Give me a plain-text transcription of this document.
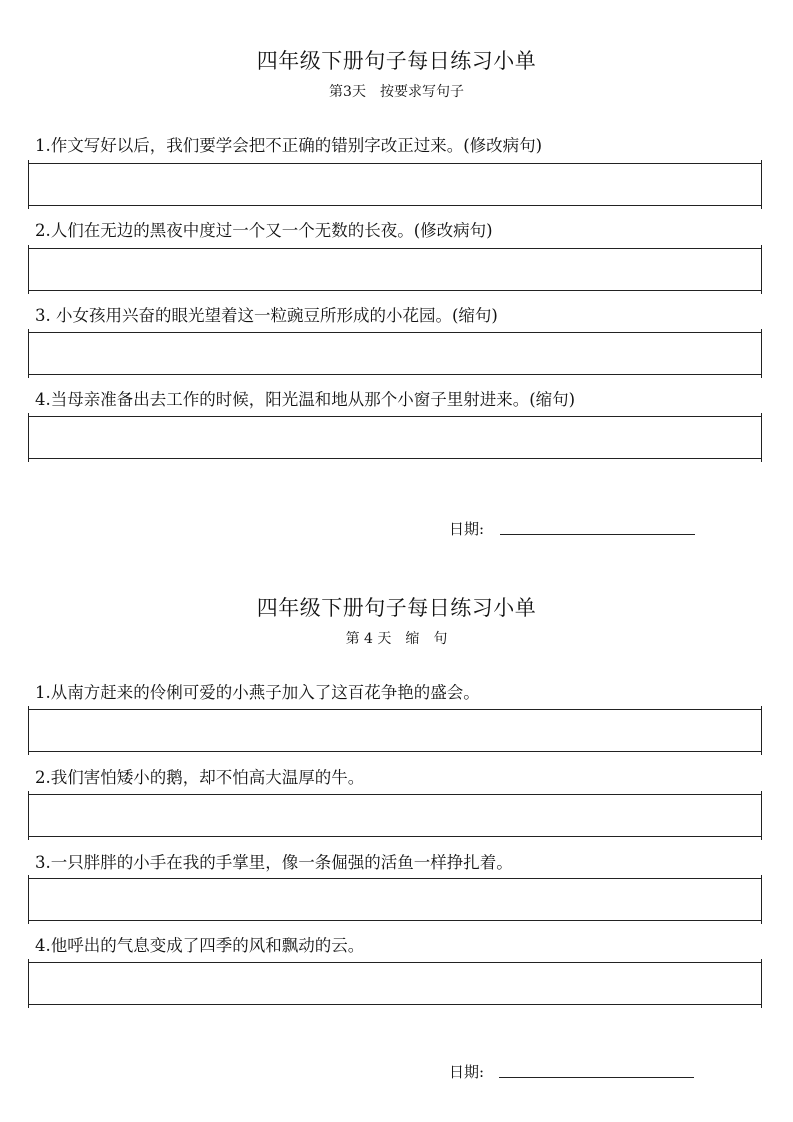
四年级下册句子每日练习小单

第3天　按要求写句子

1.作文写好以后，我们要学会把不正确的错别字改正过来。(修改病句)

2.人们在无边的黑夜中度过一个又一个无数的长夜。(修改病句)

3. 小女孩用兴奋的眼光望着这一粒豌豆所形成的小花园。(缩句)

4.当母亲准备出去工作的时候，阳光温和地从那个小窗子里射进来。(缩句)

日期:

四年级下册句子每日练习小单

第 4 天　缩　句

1.从南方赶来的伶俐可爱的小燕子加入了这百花争艳的盛会。

2.我们害怕矮小的鹅，却不怕高大温厚的牛。

3.一只胖胖的小手在我的手掌里，像一条倔强的活鱼一样挣扎着。

4.他呼出的气息变成了四季的风和飘动的云。

日期:
